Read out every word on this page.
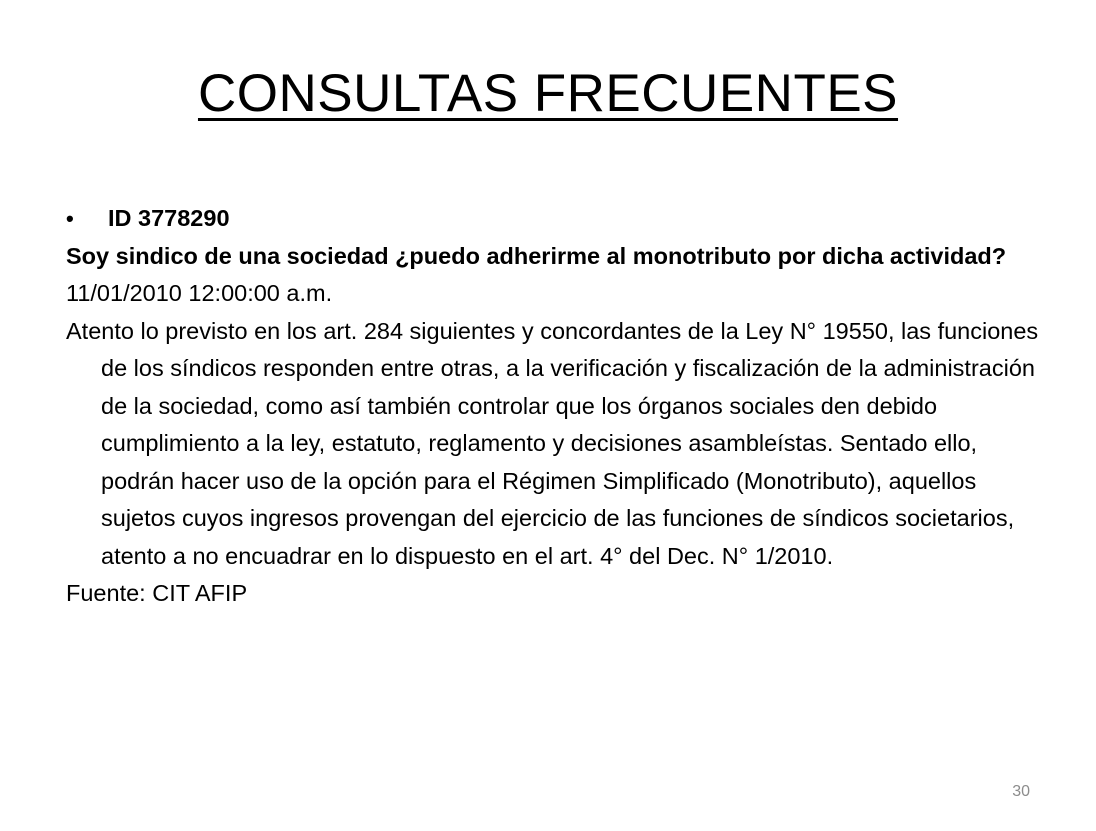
CONSULTAS FRECUENTES

• ID 3778290

Soy sindico de una sociedad ¿puedo adherirme al monotributo por dicha actividad?

11/01/2010 12:00:00 a.m.

Atento lo previsto en los art. 284 siguientes y concordantes de la Ley N° 19550, las funciones de los síndicos responden entre otras, a la verificación y fiscalización de la administración de la sociedad, como así también controlar que los órganos sociales den debido cumplimiento a la ley, estatuto, reglamento y decisiones asambleístas. Sentado ello, podrán hacer uso de la opción para el Régimen Simplificado (Monotributo), aquellos sujetos cuyos ingresos provengan del ejercicio de las funciones de síndicos societarios, atento a no encuadrar en lo dispuesto en el art. 4° del Dec. N° 1/2010.

Fuente: CIT AFIP

30
